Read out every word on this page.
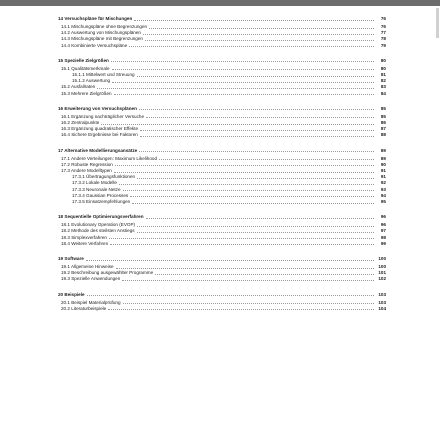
14 Versuchspläne für Mischungen	76
14.1 Mischungspläne ohne Begrenzungen	76
14.2 Auswertung von Mischungsplänen	77
14.3 Mischungspläne mit Begrenzungen	78
14.4 Kombinierte Versuchspläne	79
15 Spezielle Zielgrößen	80
15.1 Qualitätsmerkmale	80
15.1.1 Mittelwert und Streuung	81
15.1.2 Auswertung	82
15.2 Ausfallraten	83
15.3 Mehrere Zielgrößen	84
16 Erweiterung von Versuchsplänen	85
16.1 Ergänzung nachträglicher Versuche	85
16.2 Zentralpunkte	86
16.3 Ergänzung quadratischer Effekte	87
16.4 Sichere Ergebnisse bei Faktoren	88
17 Alternative Modellierungsansätze	89
17.1 Andere Verteilungen: Maximum Likelihood	89
17.2 Robuste Regression	90
17.3 Andere Modelltypen	91
17.3.1 Übertragungsfunktionen	91
17.3.2 Lokale Modelle	92
17.3.3 Neuronale Netze	93
17.3.4 Gaussian Processes	94
17.3.5 Einsatzempfehlungen	95
18 Sequentielle Optimierungsverfahren	96
18.1 Evolutionary Operation (EVOP)	96
18.2 Methode des steilsten Anstiegs	97
18.3 Simplexverfahren	98
18.4 Weitere Verfahren	99
19 Software	100
19.1 Allgemeine Hinweise	100
19.2 Beschreibung ausgewählter Programme	101
19.3 Spezielle Anwendungen	102
20 Beispiele	103
20.1 Beispiel Materialprüfung	103
20.2 Literaturbeispiele	104
